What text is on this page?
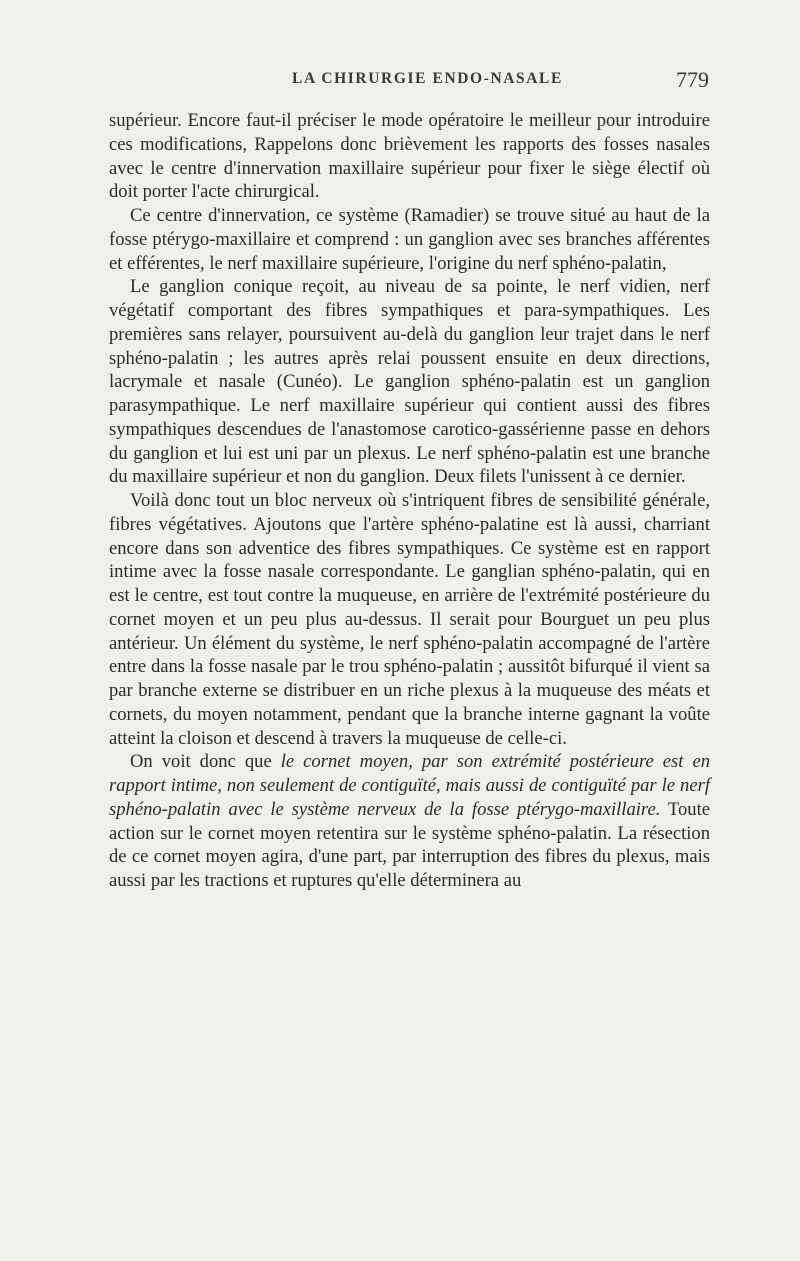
LA CHIRURGIE ENDO-NASALE	779

supérieur. Encore faut-il préciser le mode opératoire le meilleur pour introduire ces modifications, Rappelons donc brièvement les rapports des fosses nasales avec le centre d'innervation maxillaire supérieur pour fixer le siège électif où doit porter l'acte chirurgical.

Ce centre d'innervation, ce système (Ramadier) se trouve situé au haut de la fosse ptérygo-maxillaire et comprend : un ganglion avec ses branches afférentes et efférentes, le nerf maxillaire supérieure, l'origine du nerf sphéno-palatin,

Le ganglion conique reçoit, au niveau de sa pointe, le nerf vidien, nerf végétatif comportant des fibres sympathiques et para-sympathiques. Les premières sans relayer, poursuivent au-delà du ganglion leur trajet dans le nerf sphéno-palatin ; les autres après relai poussent ensuite en deux directions, lacrymale et nasale (Cunéo). Le ganglion sphéno-palatin est un ganglion parasympathique. Le nerf maxillaire supérieur qui contient aussi des fibres sympathiques descendues de l'anastomose carotico-gassérienne passe en dehors du ganglion et lui est uni par un plexus. Le nerf sphéno-palatin est une branche du maxillaire supérieur et non du ganglion. Deux filets l'unissent à ce dernier.

Voilà donc tout un bloc nerveux où s'intriquent fibres de sensibilité générale, fibres végétatives. Ajoutons que l'artère sphéno-palatine est là aussi, charriant encore dans son adventice des fibres sympathiques. Ce système est en rapport intime avec la fosse nasale correspondante. Le ganglian sphéno-palatin, qui en est le centre, est tout contre la muqueuse, en arrière de l'extrémité postérieure du cornet moyen et un peu plus au-dessus. Il serait pour Bourguet un peu plus antérieur. Un élément du système, le nerf sphéno-palatin accompagné de l'artère entre dans la fosse nasale par le trou sphéno-palatin ; aussitôt bifurqué il vient sa par branche externe se distribuer en un riche plexus à la muqueuse des méats et cornets, du moyen notamment, pendant que la branche interne gagnant la voûte atteint la cloison et descend à travers la muqueuse de celle-ci.

On voit donc que le cornet moyen, par son extrémité postérieure est en rapport intime, non seulement de contiguïté, mais aussi de contiguïté par le nerf sphéno-palatin avec le système nerveux de la fosse ptérygo-maxillaire. Toute action sur le cornet moyen retentira sur le système sphéno-palatin. La résection de ce cornet moyen agira, d'une part, par interruption des fibres du plexus, mais aussi par les tractions et ruptures qu'elle déterminera au
